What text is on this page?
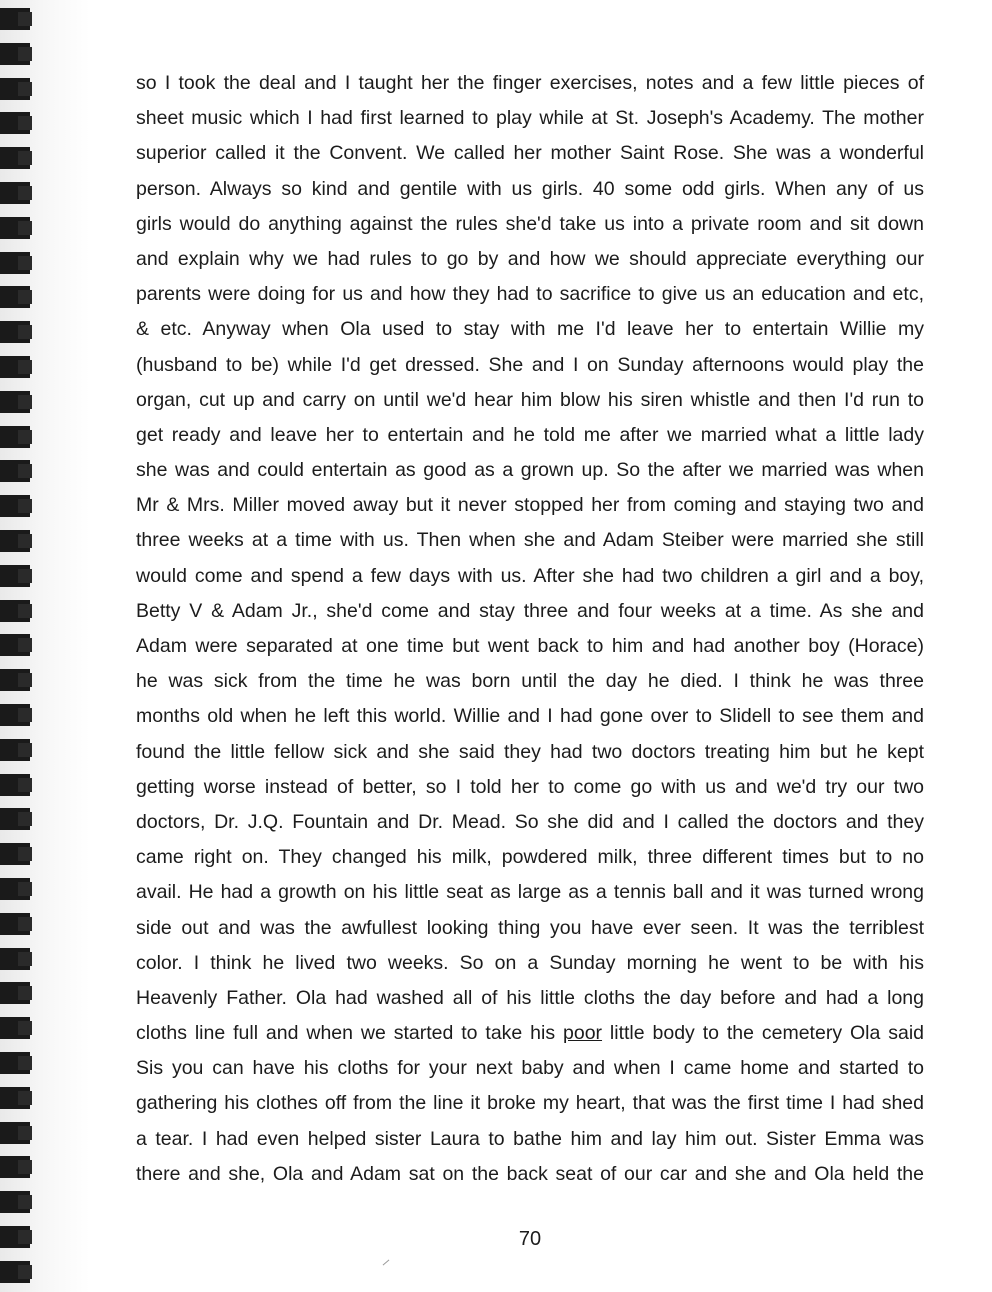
so I took the deal and I taught her the finger exercises, notes and a few little pieces of
sheet music which I had first learned to play while at St. Joseph's Academy. The mother
superior called it the Convent. We called her mother Saint Rose. She was a wonderful
person. Always so kind and gentile with us girls. 40 some odd girls. When any of us
girls would do anything against the rules she'd take us into a private room and sit down
and explain why we had rules to go by and how we should appreciate everything our
parents were doing for us and how they had to sacrifice to give us an education and etc,
& etc. Anyway when Ola used to stay with me I'd leave her to entertain Willie my
(husband to be) while I'd get dressed. She and I on Sunday afternoons would play the
organ, cut up and carry on until we'd hear him blow his siren whistle and then I'd run to
get ready and leave her to entertain and he told me after we married what a little lady
she was and could entertain as good as a grown up. So the after we married was when
Mr & Mrs. Miller moved away but it never stopped her from coming and staying two and
three weeks at a time with us. Then when she and Adam Steiber were married she still
would come and spend a few days with us. After she had two children a girl and a boy,
Betty V & Adam Jr., she'd come and stay three and four weeks at a time. As she and
Adam were separated at one time but went back to him and had another boy (Horace)
he was sick from the time he was born until the day he died. I think he was three
months old when he left this world. Willie and I had gone over to Slidell to see them and
found the little fellow sick and she said they had two doctors treating him but he kept
getting worse instead of better, so I told her to come go with us and we'd try our two
doctors, Dr. J.Q. Fountain and Dr. Mead. So she did and I called the doctors and they
came right on. They changed his milk, powdered milk, three different times but to no
avail. He had a growth on his little seat as large as a tennis ball and it was turned wrong
side out and was the awfullest looking thing you have ever seen. It was the terriblest
color. I think he lived two weeks. So on a Sunday morning he went to be with his
Heavenly Father. Ola had washed all of his little cloths the day before and had a long
cloths line full and when we started to take his poor little body to the cemetery Ola said
Sis you can have his cloths for your next baby and when I came home and started to
gathering his clothes off from the line it broke my heart, that was the first time I had shed
a tear. I had even helped sister Laura to bathe him and lay him out. Sister Emma was
there and she, Ola and Adam sat on the back seat of our car and she and Ola held the
70
